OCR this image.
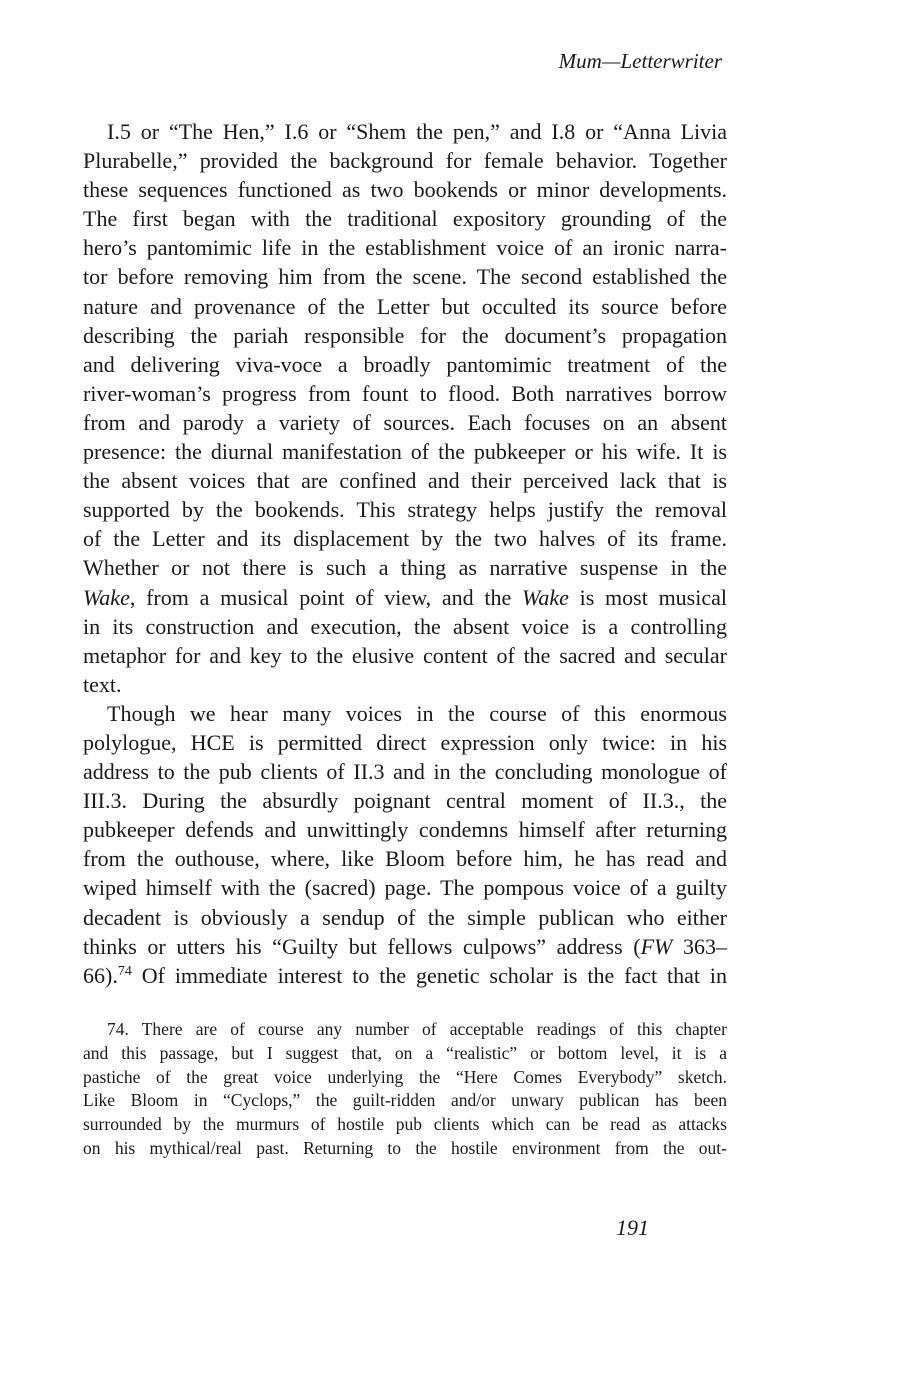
Mum—Letterwriter
I.5 or “The Hen,” I.6 or “Shem the pen,” and I.8 or “Anna Livia
Plurabelle,” provided the background for female behavior. Together
these sequences functioned as two bookends or minor developments.
The first began with the traditional expository grounding of the
hero’s pantomimic life in the establishment voice of an ironic narra-
tor before removing him from the scene. The second established the
nature and provenance of the Letter but occulted its source before
describing the pariah responsible for the document’s propagation
and delivering viva-voce a broadly pantomimic treatment of the
river-woman’s progress from fount to flood. Both narratives borrow
from and parody a variety of sources. Each focuses on an absent
presence: the diurnal manifestation of the pubkeeper or his wife. It is
the absent voices that are confined and their perceived lack that is
supported by the bookends. This strategy helps justify the removal
of the Letter and its displacement by the two halves of its frame.
Whether or not there is such a thing as narrative suspense in the
Wake, from a musical point of view, and the Wake is most musical
in its construction and execution, the absent voice is a controlling
metaphor for and key to the elusive content of the sacred and secular
text.
Though we hear many voices in the course of this enormous
polylogue, HCE is permitted direct expression only twice: in his
address to the pub clients of II.3 and in the concluding monologue of
III.3. During the absurdly poignant central moment of II.3., the
pubkeeper defends and unwittingly condemns himself after returning
from the outhouse, where, like Bloom before him, he has read and
wiped himself with the (sacred) page. The pompous voice of a guilty
decadent is obviously a sendup of the simple publican who either
thinks or utters his “Guilty but fellows culpows” address (FW 363–
66).$^{74}$ Of immediate interest to the genetic scholar is the fact that in
74. There are of course any number of acceptable readings of this chapter
and this passage, but I suggest that, on a “realistic” or bottom level, it is a
pastiche of the great voice underlying the “Here Comes Everybody” sketch.
Like Bloom in “Cyclops,” the guilt-ridden and/or unwary publican has been
surrounded by the murmurs of hostile pub clients which can be read as attacks
on his mythical/real past. Returning to the hostile environment from the out-
191
